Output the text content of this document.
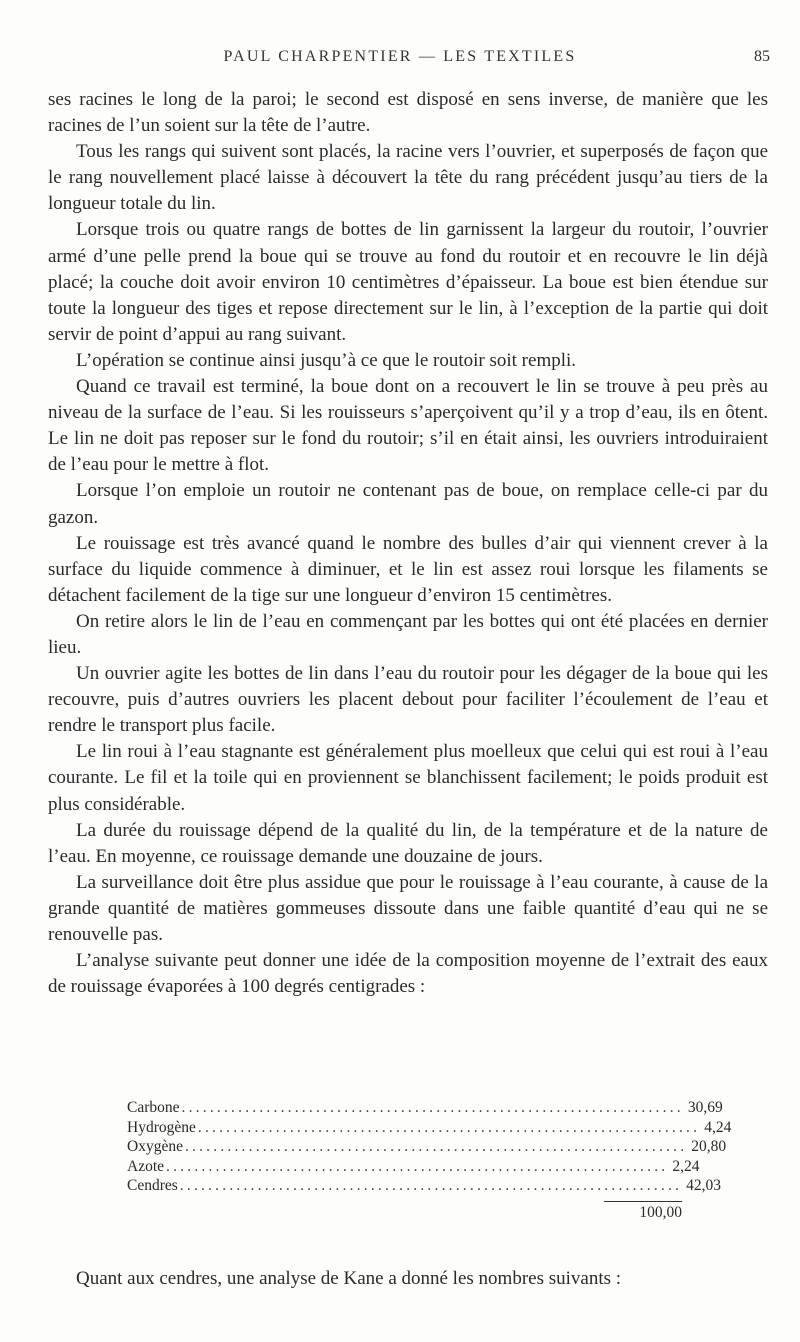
PAUL CHARPENTIER — LES TEXTILES	85

ses racines le long de la paroi; le second est disposé en sens inverse, de manière que les racines de l’un soient sur la tête de l’autre.

Tous les rangs qui suivent sont placés, la racine vers l’ouvrier, et superposés de façon que le rang nouvellement placé laisse à découvert la tête du rang précédent jusqu’au tiers de la longueur totale du lin.

Lorsque trois ou quatre rangs de bottes de lin garnissent la largeur du routoir, l’ouvrier armé d’une pelle prend la boue qui se trouve au fond du routoir et en recouvre le lin déjà placé; la couche doit avoir environ 10 centimètres d’épaisseur. La boue est bien étendue sur toute la longueur des tiges et repose directement sur le lin, à l’exception de la partie qui doit servir de point d’appui au rang suivant.

L’opération se continue ainsi jusqu’à ce que le routoir soit rempli.

Quand ce travail est terminé, la boue dont on a recouvert le lin se trouve à peu près au niveau de la surface de l’eau. Si les rouisseurs s’aperçoivent qu’il y a trop d’eau, ils en ôtent. Le lin ne doit pas reposer sur le fond du routoir; s’il en était ainsi, les ouvriers introduiraient de l’eau pour le mettre à flot.

Lorsque l’on emploie un routoir ne contenant pas de boue, on remplace celle-ci par du gazon.

Le rouissage est très avancé quand le nombre des bulles d’air qui viennent crever à la surface du liquide commence à diminuer, et le lin est assez roui lorsque les filaments se détachent facilement de la tige sur une longueur d’environ 15 centimètres.

On retire alors le lin de l’eau en commençant par les bottes qui ont été placées en dernier lieu.

Un ouvrier agite les bottes de lin dans l’eau du routoir pour les dégager de la boue qui les recouvre, puis d’autres ouvriers les placent debout pour faciliter l’écoulement de l’eau et rendre le transport plus facile.

Le lin roui à l’eau stagnante est généralement plus moelleux que celui qui est roui à l’eau courante. Le fil et la toile qui en proviennent se blanchissent facilement; le poids produit est plus considérable.

La durée du rouissage dépend de la qualité du lin, de la température et de la nature de l’eau. En moyenne, ce rouissage demande une douzaine de jours.

La surveillance doit être plus assidue que pour le rouissage à l’eau courante, à cause de la grande quantité de matières gommeuses dissoute dans une faible quantité d’eau qui ne se renouvelle pas.

L’analyse suivante peut donner une idée de la composition moyenne de l’extrait des eaux de rouissage évaporées à 100 degrés centigrades :

Carbone ....................................................................... 30,69
Hydrogène ....................................................................... 4,24
Oxygène ....................................................................... 20,80
Azote ....................................................................... 2,24
Cendres ....................................................................... 42,03
100,00
Quant aux cendres, une analyse de Kane a donné les nombres suivants :
